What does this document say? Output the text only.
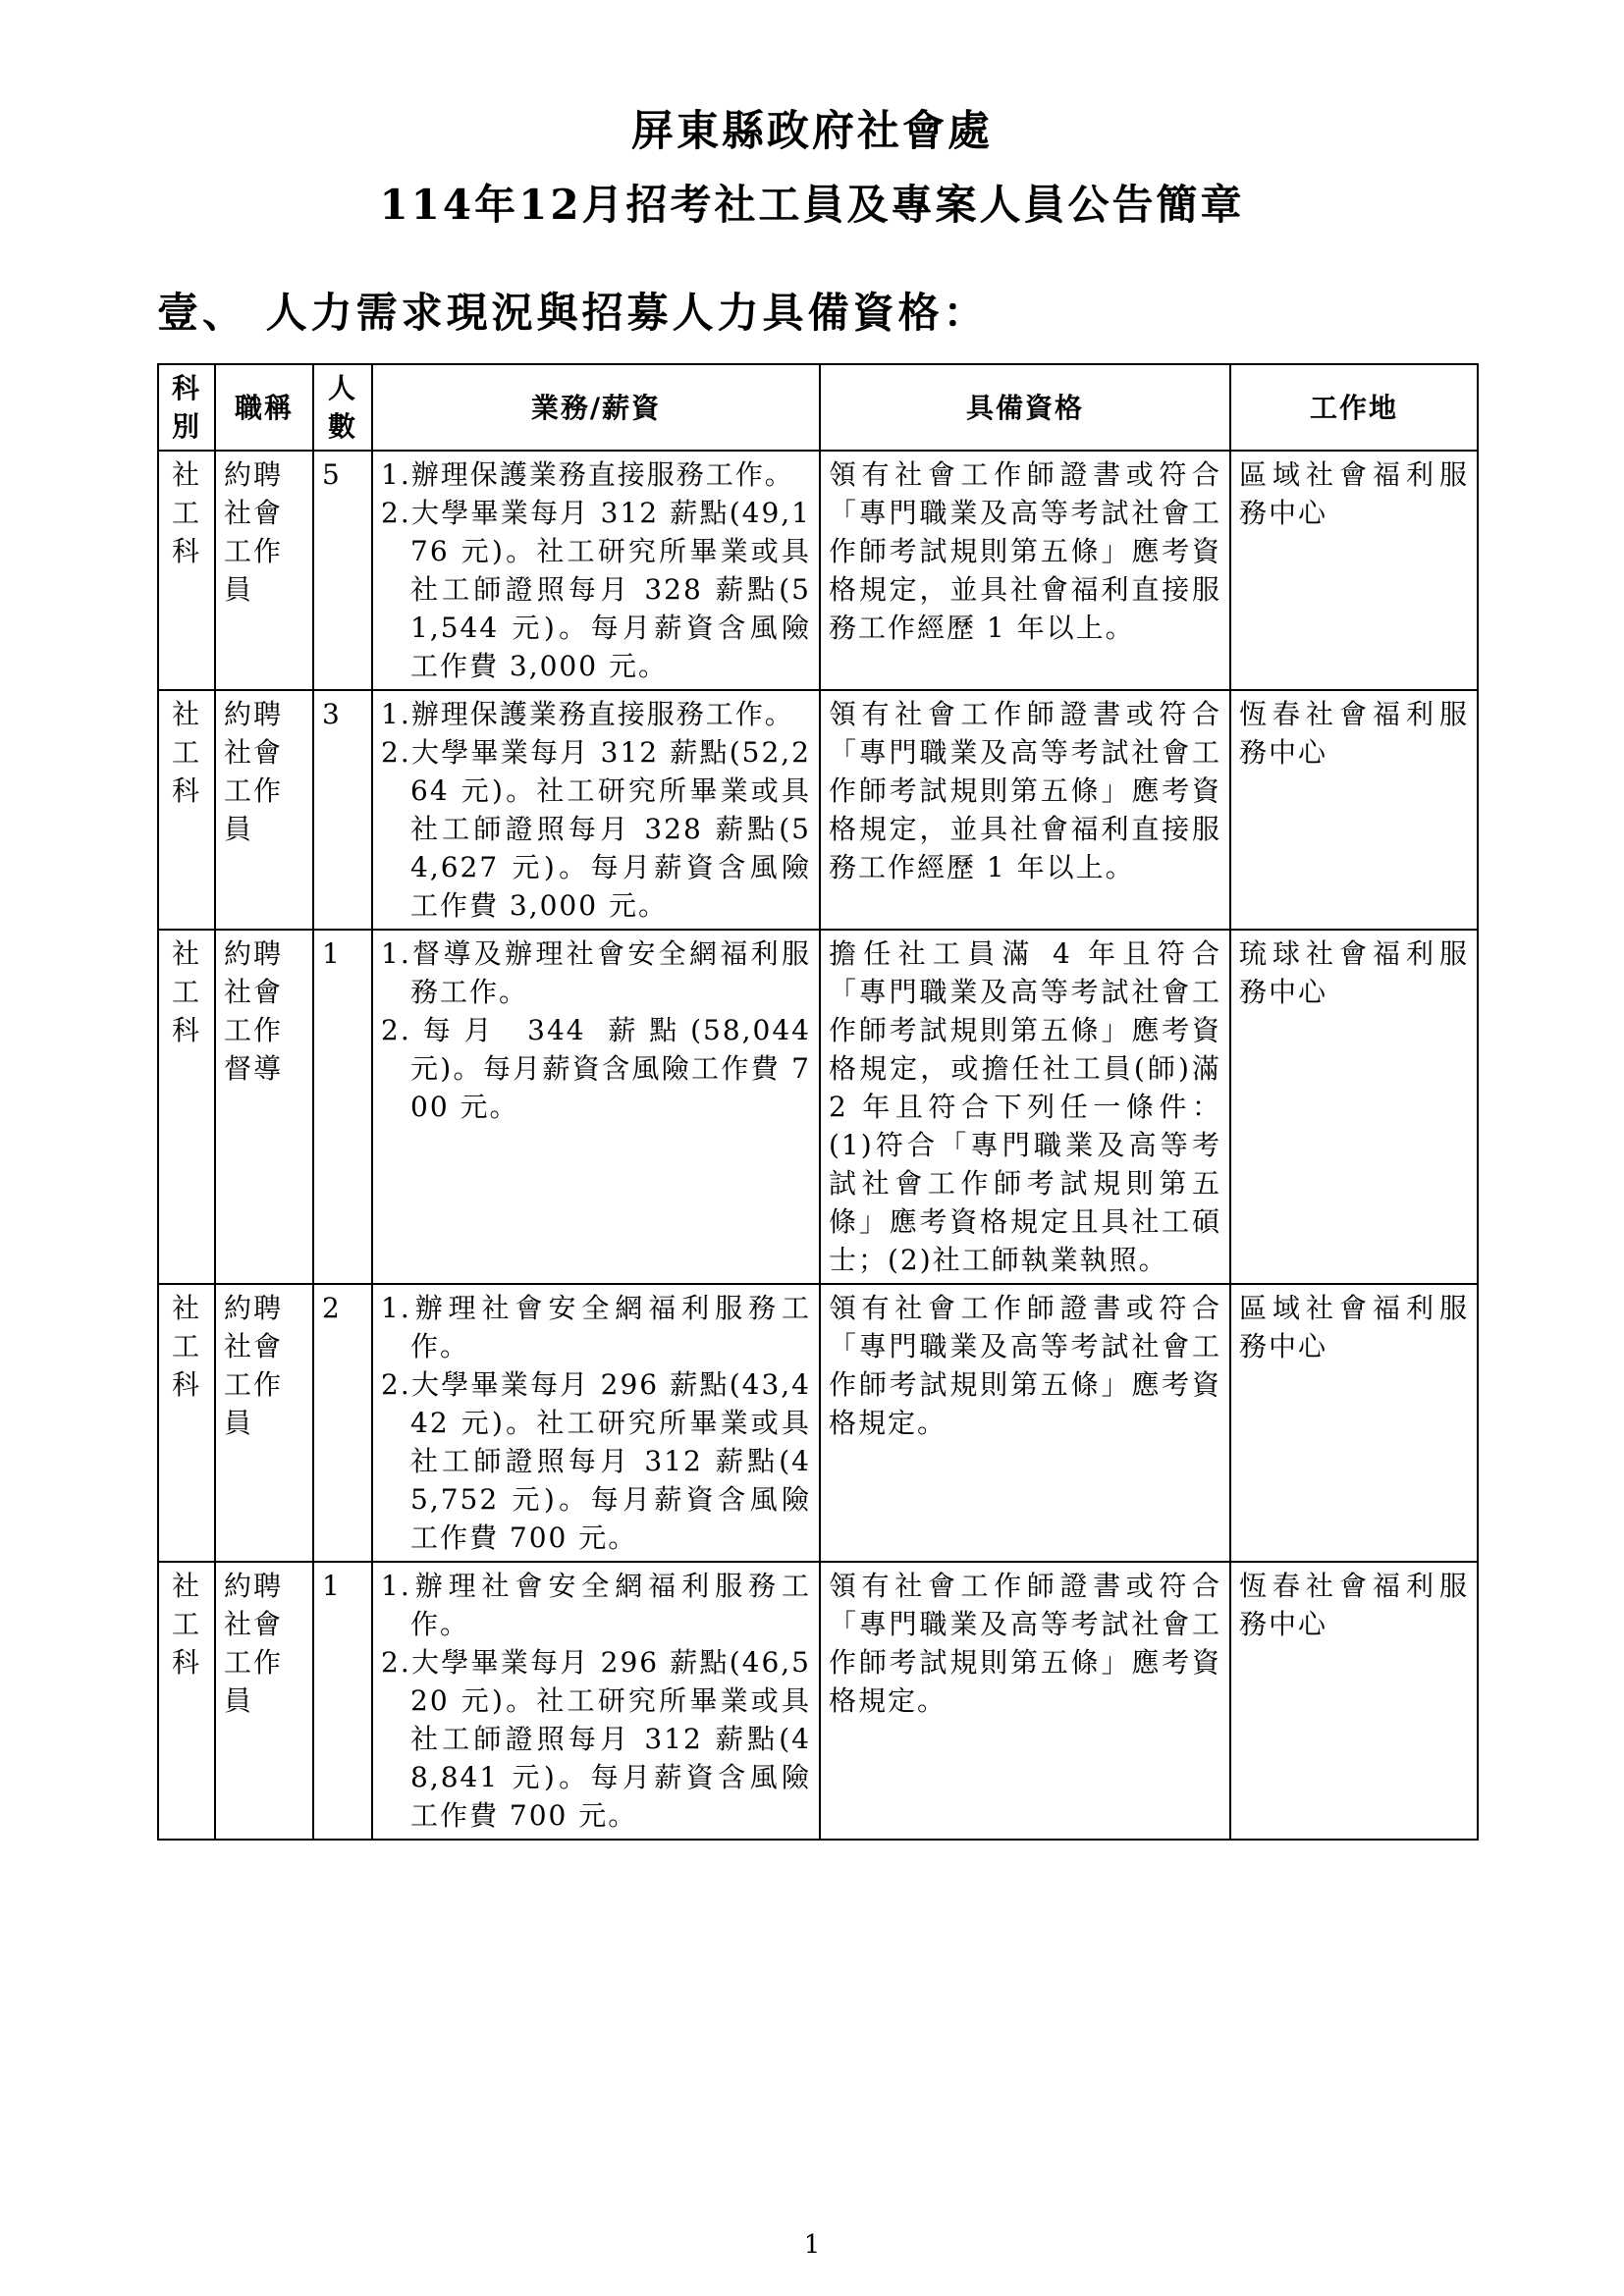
屏東縣政府社會處
114年12月招考社工員及專案人員公告簡章
壹、 人力需求現況與招募人力具備資格：
科別	職稱	人數	業務/薪資	具備資格	工作地
社工科	約聘社會工作員	5	1.辦理保護業務直接服務工作。
2.大學畢業每月 312 薪點(49,176 元)。社工研究所畢業或具社工師證照每月 328 薪點(51,544 元)。每月薪資含風險工作費 3,000 元。	領有社會工作師證書或符合「專門職業及高等考試社會工作師考試規則第五條」應考資格規定，並具社會福利直接服務工作經歷 1 年以上。	區域社會福利服務中心
社工科	約聘社會工作員	3	1.辦理保護業務直接服務工作。
2.大學畢業每月 312 薪點(52,264 元)。社工研究所畢業或具社工師證照每月 328 薪點(54,627 元)。每月薪資含風險工作費 3,000 元。	領有社會工作師證書或符合「專門職業及高等考試社會工作師考試規則第五條」應考資格規定，並具社會福利直接服務工作經歷 1 年以上。	恆春社會福利服務中心
社工科	約聘社會工作督導	1	1.督導及辦理社會安全網福利服務工作。
2.每月 344 薪點(58,044 元)。每月薪資含風險工作費 700 元。	擔任社工員滿 4 年且符合「專門職業及高等考試社會工作師考試規則第五條」應考資格規定，或擔任社工員(師)滿 2 年且符合下列任一條件：(1)符合「專門職業及高等考試社會工作師考試規則第五條」應考資格規定且具社工碩士；(2)社工師執業執照。	琉球社會福利服務中心
社工科	約聘社會工作員	2	1.辦理社會安全網福利服務工作。
2.大學畢業每月 296 薪點(43,442 元)。社工研究所畢業或具社工師證照每月 312 薪點(45,752 元)。每月薪資含風險工作費 700 元。	領有社會工作師證書或符合「專門職業及高等考試社會工作師考試規則第五條」應考資格規定。	區域社會福利服務中心
社工科	約聘社會工作員	1	1.辦理社會安全網福利服務工作。
2.大學畢業每月 296 薪點(46,520 元)。社工研究所畢業或具社工師證照每月 312 薪點(48,841 元)。每月薪資含風險工作費 700 元。	領有社會工作師證書或符合「專門職業及高等考試社會工作師考試規則第五條」應考資格規定。	恆春社會福利服務中心
1
